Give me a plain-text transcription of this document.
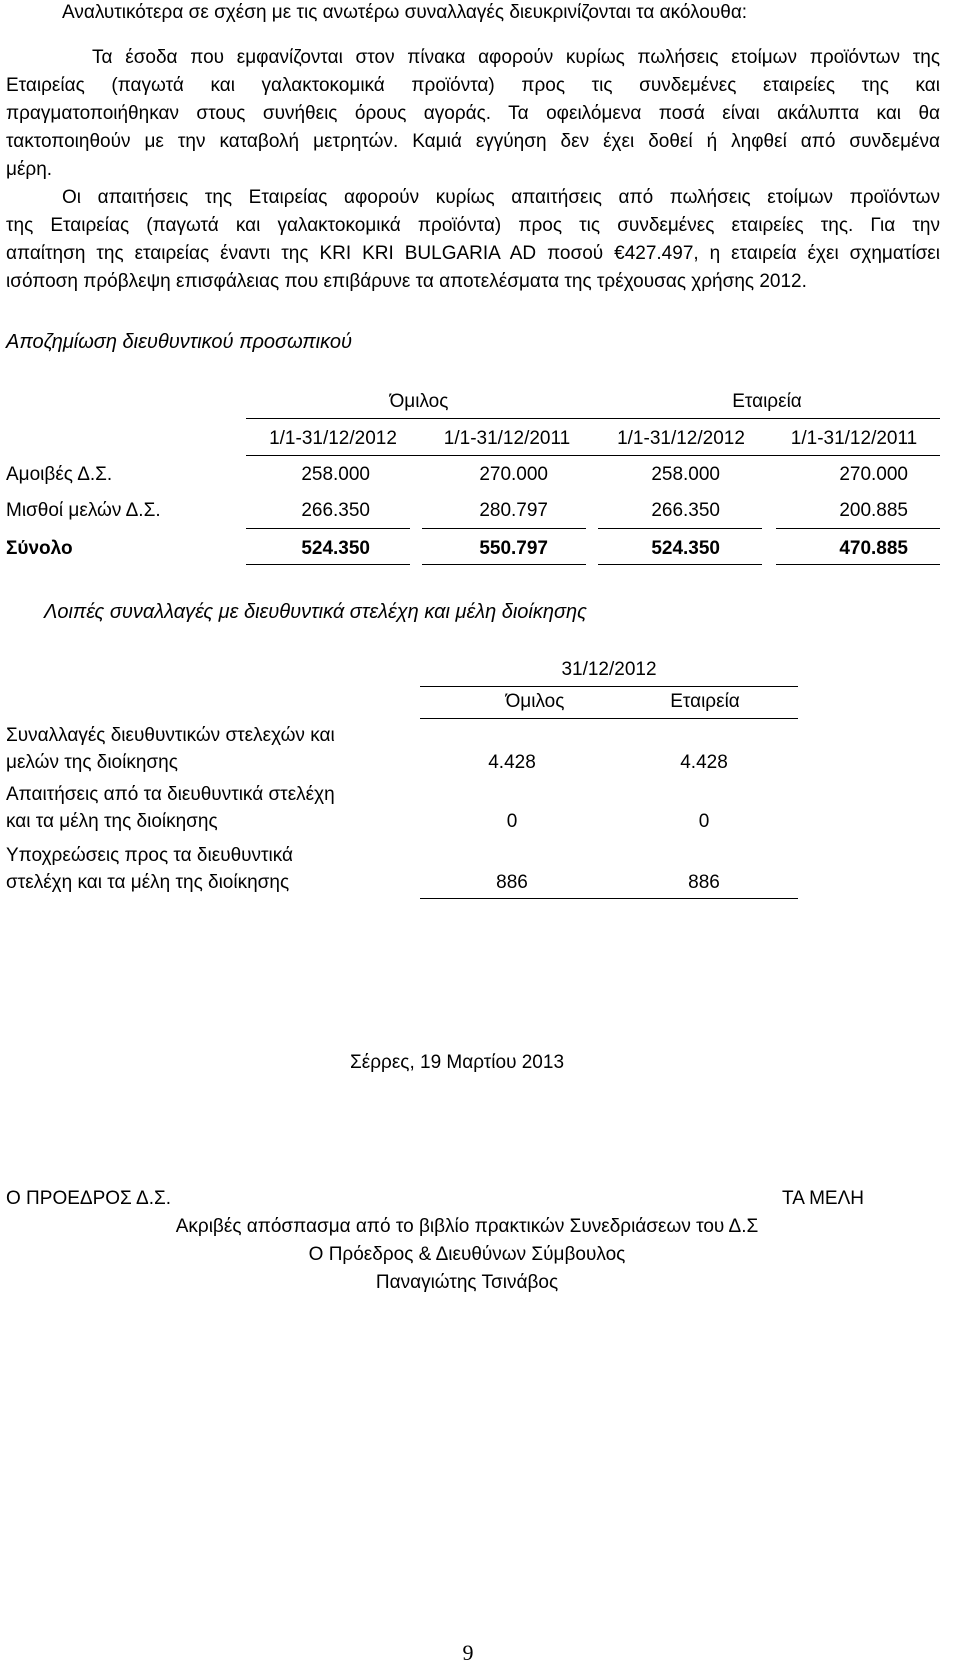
Αναλυτικότερα σε σχέση με τις ανωτέρω συναλλαγές διευκρινίζονται τα ακόλουθα:
Τα έσοδα που εμφανίζονται στον πίνακα αφορούν κυρίως πωλήσεις ετοίμων προϊόντων της
Εταιρείας (παγωτά και γαλακτοκομικά προϊόντα) προς τις συνδεμένες εταιρείες της και
πραγματοποιήθηκαν στους συνήθεις όρους αγοράς. Τα οφειλόμενα ποσά είναι ακάλυπτα και θα
τακτοποιηθούν με την καταβολή μετρητών. Καμιά εγγύηση δεν έχει δοθεί ή ληφθεί από συνδεμένα
μέρη.
Οι απαιτήσεις της Εταιρείας αφορούν κυρίως απαιτήσεις από πωλήσεις ετοίμων προϊόντων
της Εταιρείας (παγωτά και γαλακτοκομικά προϊόντα) προς τις συνδεμένες εταιρείες της. Για την
απαίτηση της εταιρείας έναντι της KRI KRI BULGARIA AD ποσού €427.497, η εταιρεία έχει σχηματίσει
ισόποση πρόβλεψη επισφάλειας που επιβάρυνε τα αποτελέσματα της τρέχουσας χρήσης 2012.
Αποζημίωση διευθυντικού προσωπικού
Όμιλος	Εταιρεία
1/1-31/12/2012	1/1-31/12/2011	1/1-31/12/2012	1/1-31/12/2011
Αμοιβές Δ.Σ.	258.000	270.000	258.000	270.000
Μισθοί μελών Δ.Σ.	266.350	280.797	266.350	200.885
Σύνολο	524.350	550.797	524.350	470.885
Λοιπές συναλλαγές με διευθυντικά στελέχη και μέλη διοίκησης
31/12/2012
Όμιλος	Εταιρεία
Συναλλαγές διευθυντικών στελεχών και
μελών της διοίκησης	4.428	4.428
Απαιτήσεις από τα διευθυντικά στελέχη
και τα μέλη της διοίκησης	0	0
Υποχρεώσεις προς τα διευθυντικά
στελέχη και τα μέλη της διοίκησης	886	886
Σέρρες, 19 Μαρτίου 2013
Ο ΠΡΟΕΔΡΟΣ Δ.Σ.	ΤΑ ΜΕΛΗ
Ακριβές απόσπασμα από το βιβλίο πρακτικών Συνεδριάσεων του Δ.Σ
Ο Πρόεδρος & Διευθύνων Σύμβουλος
Παναγιώτης Τσινάβος
9
